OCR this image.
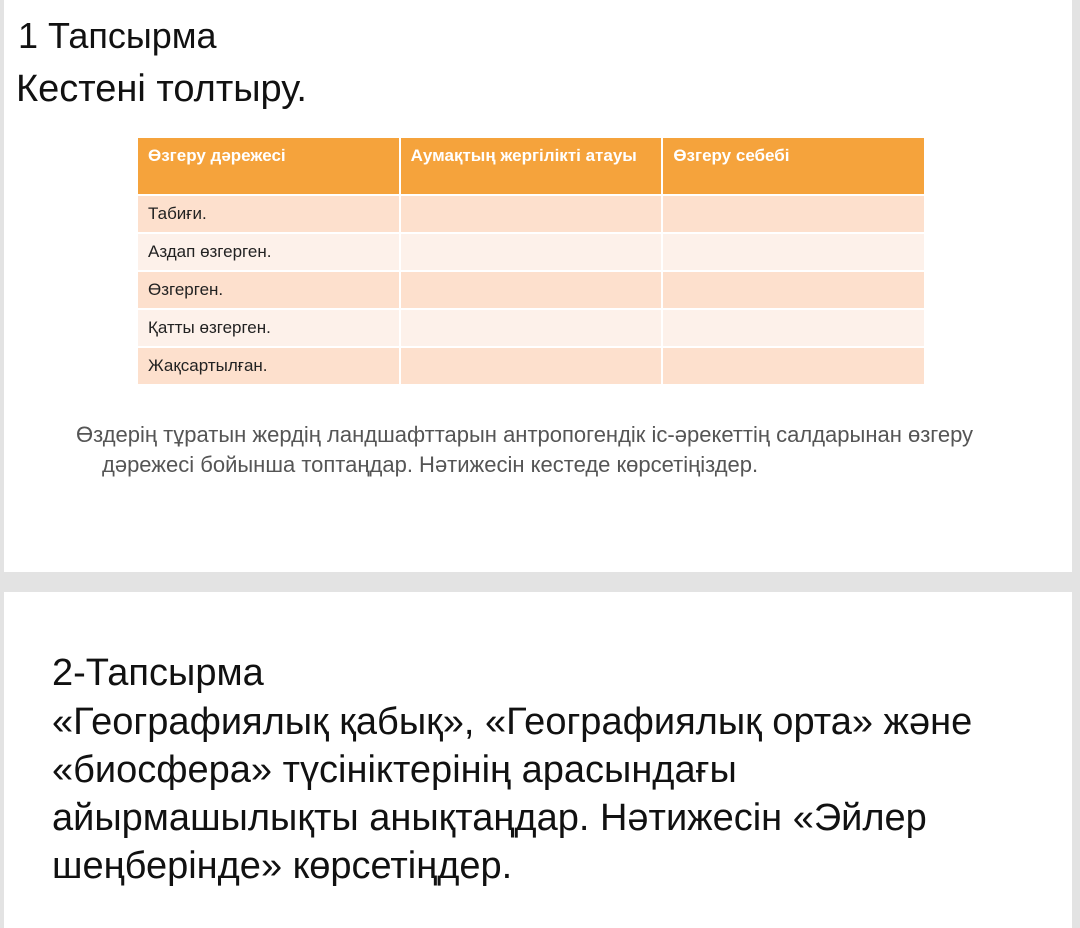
1 Тапсырма
Кестені толтыру.
Өзгеру дәрежесі	Аумақтың жергілікті атауы	Өзгеру себебі
Табиғи.		
Аздап өзгерген.		
Өзгерген.		
Қатты өзгерген.		
Жақсартылған.		
Өздерің тұратын жердің ландшафттарын антропогендік іс-әрекеттің салдарынан өзгеру дәрежесі бойынша топтаңдар. Нәтижесін кестеде көрсетіңіздер.
2-Тапсырма
«Географиялық қабық», «Географиялық орта» және «биосфера» түсініктерінің арасындағы айырмашылықты анықтаңдар. Нәтижесін «Эйлер шеңберінде» көрсетіңдер.
